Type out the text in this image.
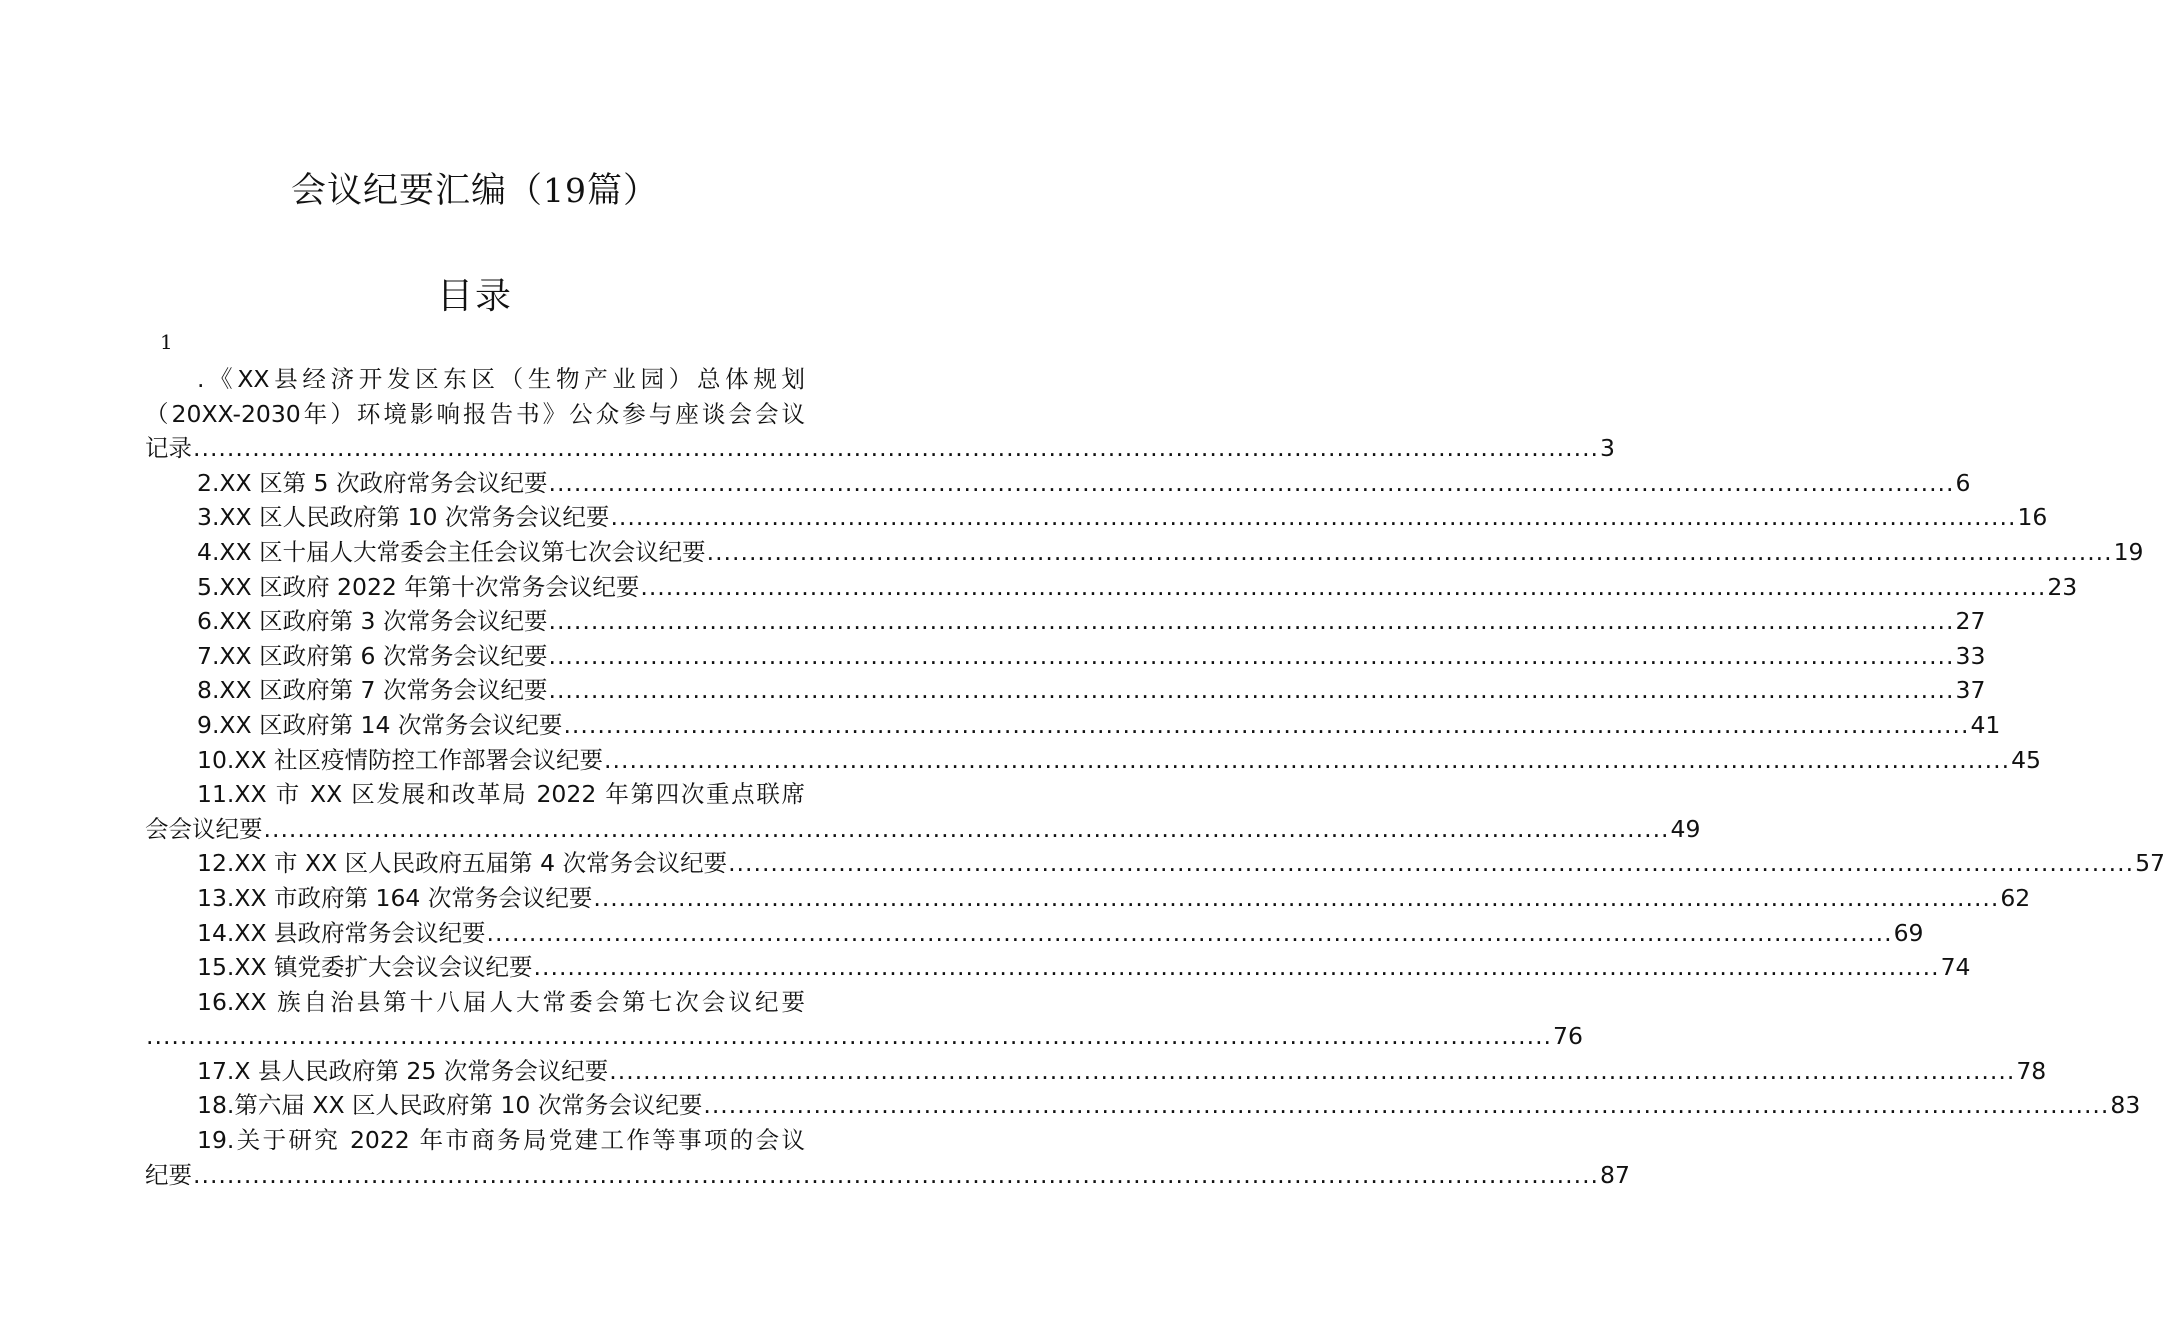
会议纪要汇编（19篇）
目录
1
.《XX县经济开发区东区（生物产业园）总体规划
（20XX-2030年）环境影响报告书》公众参与座谈会会议
记录 ...................................................................................................................................................................... 3
2.XX 区第 5 次政府常务会议纪要 ...................................................................................................................................................................... 6
3.XX 区人民政府第 10 次常务会议纪要 ...................................................................................................................................................................... 16
4.XX 区十届人大常委会主任会议第七次会议纪要 ...................................................................................................................................................................... 19
5.XX 区政府 2022 年第十次常务会议纪要 ...................................................................................................................................................................... 23
6.XX 区政府第 3 次常务会议纪要 ...................................................................................................................................................................... 27
7.XX 区政府第 6 次常务会议纪要 ...................................................................................................................................................................... 33
8.XX 区政府第 7 次常务会议纪要 ...................................................................................................................................................................... 37
9.XX 区政府第 14 次常务会议纪要 ...................................................................................................................................................................... 41
10.XX 社区疫情防控工作部署会议纪要 ...................................................................................................................................................................... 45
11.XX 市 XX 区发展和改革局 2022 年第四次重点联席
会会议纪要 ...................................................................................................................................................................... 49
12.XX 市 XX 区人民政府五届第 4 次常务会议纪要 ...................................................................................................................................................................... 57
13.XX 市政府第 164 次常务会议纪要 ...................................................................................................................................................................... 62
14.XX 县政府常务会议纪要 ...................................................................................................................................................................... 69
15.XX 镇党委扩大会议会议纪要 ...................................................................................................................................................................... 74
16.XX 族自治县第十八届人大常委会第七次会议纪要
...................................................................................................................................................................... 76
17.X 县人民政府第 25 次常务会议纪要 ...................................................................................................................................................................... 78
18.第六届 XX 区人民政府第 10 次常务会议纪要 ...................................................................................................................................................................... 83
19.关于研究 2022 年市商务局党建工作等事项的会议
纪要 ...................................................................................................................................................................... 87
